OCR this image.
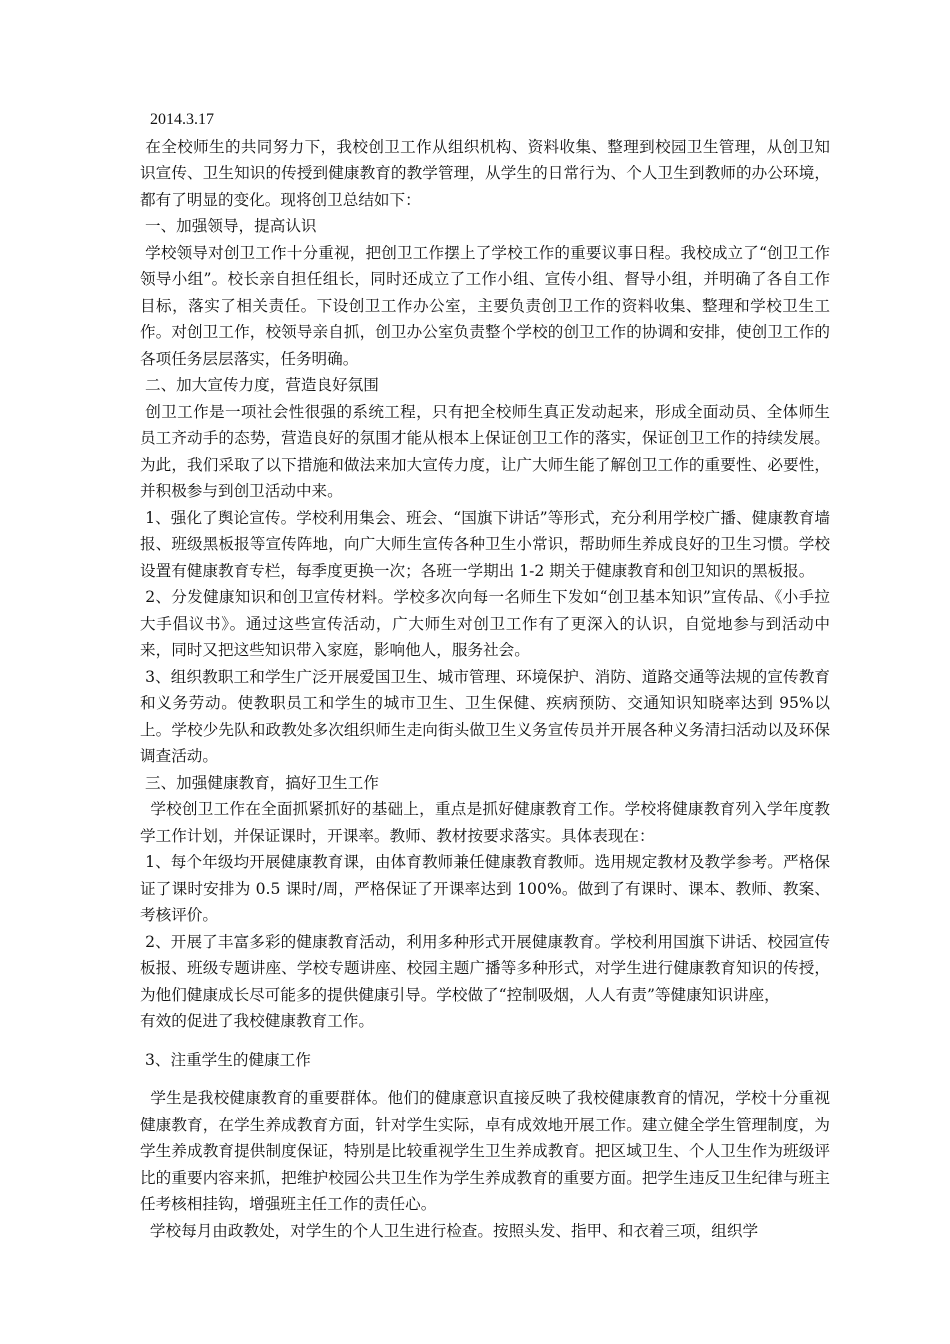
2014.3.17

在全校师生的共同努力下，我校创卫工作从组织机构、资料收集、整理到校园卫生管理，从创卫知识宣传、卫生知识的传授到健康教育的教学管理，从学生的日常行为、个人卫生到教师的办公环境，都有了明显的变化。现将创卫总结如下：

一、加强领导，提高认识

学校领导对创卫工作十分重视，把创卫工作摆上了学校工作的重要议事日程。我校成立了“创卫工作领导小组”。校长亲自担任组长，同时还成立了工作小组、宣传小组、督导小组，并明确了各自工作目标，落实了相关责任。下设创卫工作办公室，主要负责创卫工作的资料收集、整理和学校卫生工作。对创卫工作，校领导亲自抓，创卫办公室负责整个学校的创卫工作的协调和安排，使创卫工作的各项任务层层落实，任务明确。

二、加大宣传力度，营造良好氛围

创卫工作是一项社会性很强的系统工程，只有把全校师生真正发动起来，形成全面动员、全体师生员工齐动手的态势，营造良好的氛围才能从根本上保证创卫工作的落实，保证创卫工作的持续发展。为此，我们采取了以下措施和做法来加大宣传力度，让广大师生能了解创卫工作的重要性、必要性，并积极参与到创卫活动中来。

1、强化了舆论宣传。学校利用集会、班会、“国旗下讲话”等形式，充分利用学校广播、健康教育墙报、班级黑板报等宣传阵地，向广大师生宣传各种卫生小常识，帮助师生养成良好的卫生习惯。学校设置有健康教育专栏，每季度更换一次；各班一学期出 1-2 期关于健康教育和创卫知识的黑板报。

2、分发健康知识和创卫宣传材料。学校多次向每一名师生下发如“创卫基本知识”宣传品、《小手拉大手倡议书》。通过这些宣传活动，广大师生对创卫工作有了更深入的认识，自觉地参与到活动中来，同时又把这些知识带入家庭，影响他人，服务社会。

3、组织教职工和学生广泛开展爱国卫生、城市管理、环境保护、消防、道路交通等法规的宣传教育和义务劳动。使教职员工和学生的城市卫生、卫生保健、疾病预防、交通知识知晓率达到 95%以上。学校少先队和政教处多次组织师生走向街头做卫生义务宣传员并开展各种义务清扫活动以及环保调查活动。

三、加强健康教育，搞好卫生工作

学校创卫工作在全面抓紧抓好的基础上，重点是抓好健康教育工作。学校将健康教育列入学年度教学工作计划，并保证课时，开课率。教师、教材按要求落实。具体表现在：

1、每个年级均开展健康教育课，由体育教师兼任健康教育教师。选用规定教材及教学参考。严格保证了课时安排为 0.5 课时/周，严格保证了开课率达到 100%。做到了有课时、课本、教师、教案、考核评价。

2、开展了丰富多彩的健康教育活动，利用多种形式开展健康教育。学校利用国旗下讲话、校园宣传板报、班级专题讲座、学校专题讲座、校园主题广播等多种形式，对学生进行健康教育知识的传授，为他们健康成长尽可能多的提供健康引导。学校做了“控制吸烟，人人有责”等健康知识讲座，

有效的促进了我校健康教育工作。

3、注重学生的健康工作

学生是我校健康教育的重要群体。他们的健康意识直接反映了我校健康教育的情况，学校十分重视健康教育，在学生养成教育方面，针对学生实际，卓有成效地开展工作。建立健全学生管理制度，为学生养成教育提供制度保证，特别是比较重视学生卫生养成教育。把区域卫生、个人卫生作为班级评比的重要内容来抓，把维护校园公共卫生作为学生养成教育的重要方面。把学生违反卫生纪律与班主任考核相挂钩，增强班主任工作的责任心。

学校每月由政教处，对学生的个人卫生进行检查。按照头发、指甲、和衣着三项，组织学
